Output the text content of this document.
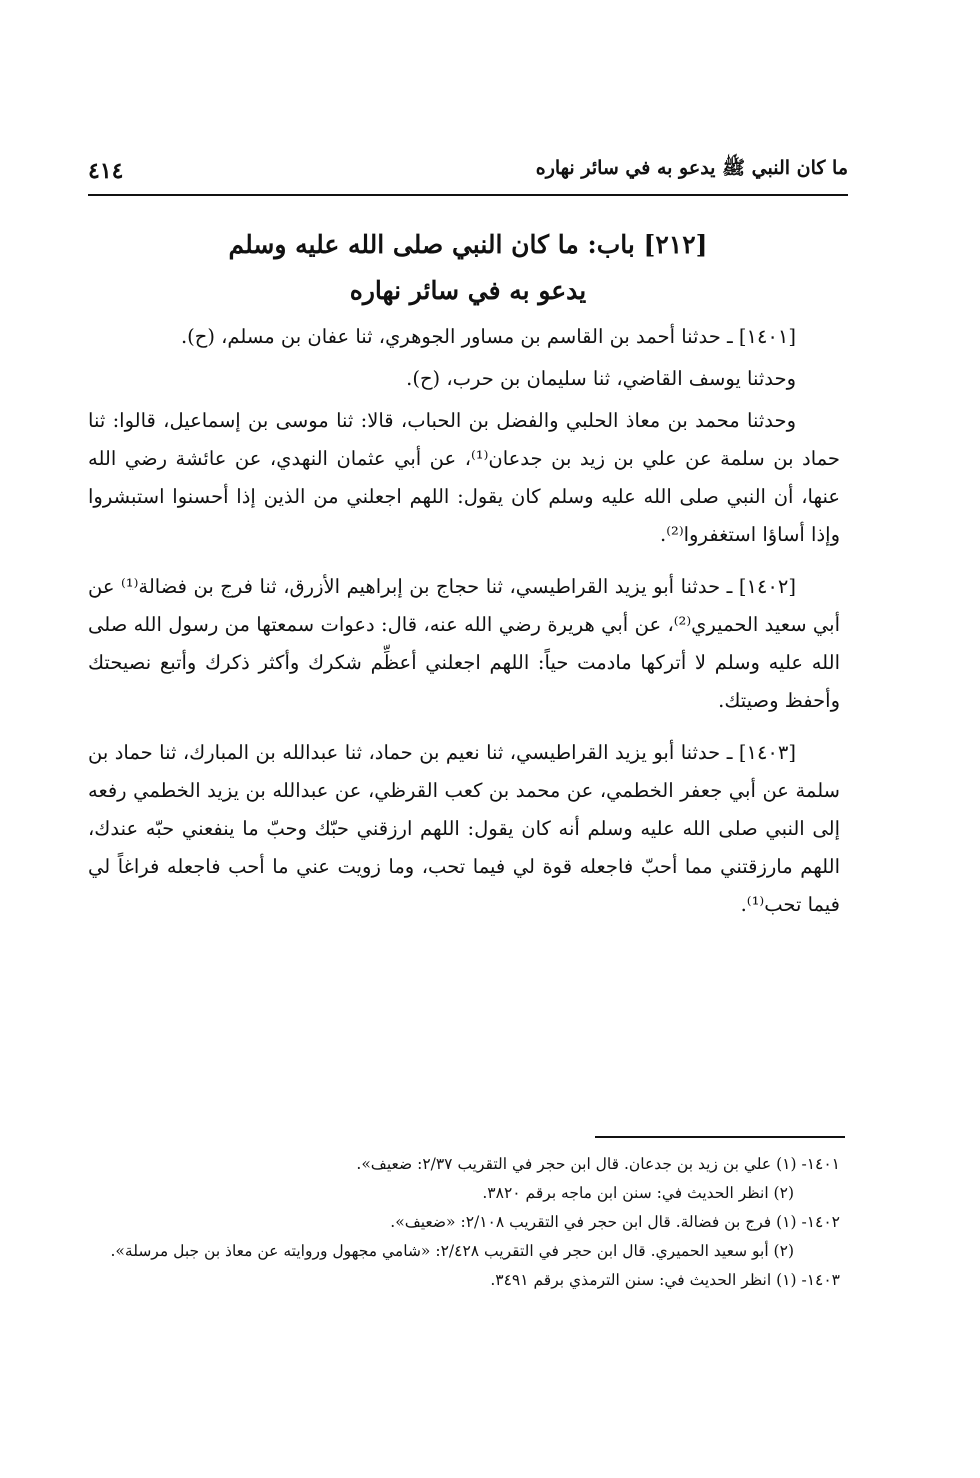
ما كان النبي ﷺ يدعو به في سائر نهاره
٤١٤
[٢١٢] باب: ما كان النبي صلى الله عليه وسلم
يدعو به في سائر نهاره

[١٤٠١] ـ حدثنا أحمد بن القاسم بن مساور الجوهري، ثنا عفان بن مسلم، (ح).

وحدثنا يوسف القاضي، ثنا سليمان بن حرب، (ح).

وحدثنا محمد بن معاذ الحلبي والفضل بن الحباب، قالا: ثنا موسى بن إسماعيل، قالوا: ثنا حماد بن سلمة عن علي بن زيد بن جدعان⁽¹⁾، عن أبي عثمان النهدي، عن عائشة رضي الله عنها، أن النبي صلى الله عليه وسلم كان يقول: اللهم اجعلني من الذين إذا أحسنوا استبشروا وإذا أساؤا استغفروا⁽²⁾.

[١٤٠٢] ـ حدثنا أبو يزيد القراطيسي، ثنا حجاج بن إبراهيم الأزرق، ثنا فرج بن فضالة⁽¹⁾ عن أبي سعيد الحميري⁽²⁾، عن أبي هريرة رضي الله عنه، قال: دعوات سمعتها من رسول الله صلى الله عليه وسلم لا أتركها مادمت حياً: اللهم اجعلني أعظِّم شكرك وأكثر ذكرك وأتبع نصيحتك وأحفظ وصيتك.

[١٤٠٣] ـ حدثنا أبو يزيد القراطيسي، ثنا نعيم بن حماد، ثنا عبدالله بن المبارك، ثنا حماد بن سلمة عن أبي جعفر الخطمي، عن محمد بن كعب القرظي، عن عبدالله بن يزيد الخطمي رفعه إلى النبي صلى الله عليه وسلم أنه كان يقول: اللهم ارزقني حبّك وحبّ ما ينفعني حبّه عندك، اللهم مارزقتني مما أحبّ فاجعله قوة لي فيما تحب، وما زويت عني ما أحب فاجعله فراغاً لي فيما تحب⁽¹⁾.

١٤٠١- (١) علي بن زيد بن جدعان. قال ابن حجر في التقريب ٢/٣٧: ضعيف».

(٢) انظر الحديث في: سنن ابن ماجه برقم ٣٨٢٠.

١٤٠٢- (١) فرج بن فضالة. قال ابن حجر في التقريب ٢/١٠٨: «ضعيف».

(٢) أبو سعيد الحميري. قال ابن حجر في التقريب ٢/٤٢٨: «شامي مجهول وروايته عن معاذ بن جبل مرسلة».

١٤٠٣- (١) انظر الحديث في: سنن الترمذي برقم ٣٤٩١.
